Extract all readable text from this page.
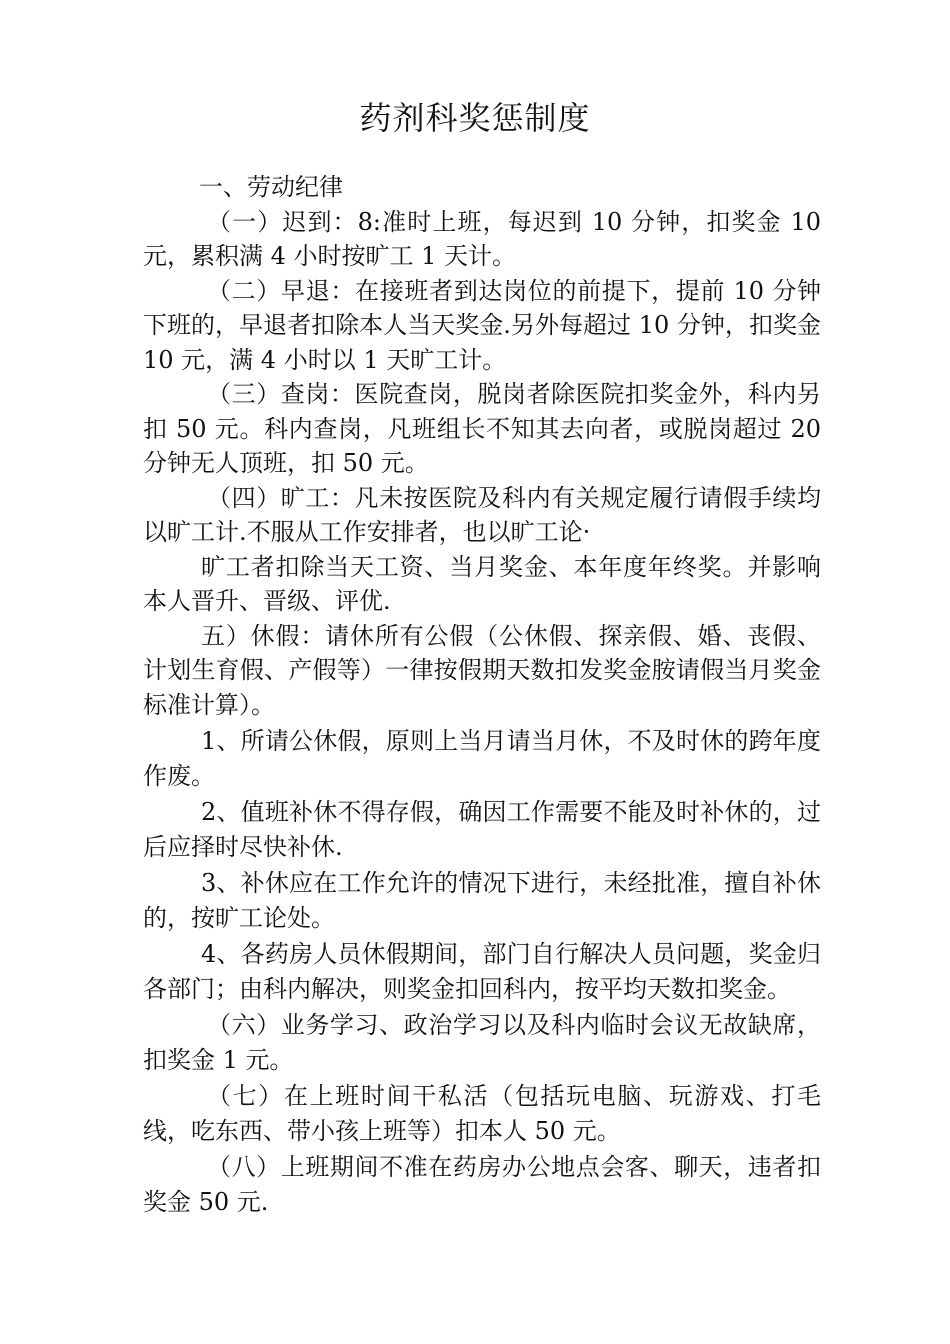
药剂科奖惩制度

一、劳动纪律

（一）迟到：8:准时上班，每迟到 10 分钟，扣奖金 10 元，累积满 4 小时按旷工 1 天计。

（二）早退：在接班者到达岗位的前提下，提前 10 分钟下班的，早退者扣除本人当天奖金.另外每超过 10 分钟，扣奖金 10 元，满 4 小时以 1 天旷工计。

（三）查岗：医院查岗，脱岗者除医院扣奖金外，科内另扣 50 元。科内查岗，凡班组长不知其去向者，或脱岗超过 20 分钟无人顶班，扣 50 元。

（四）旷工：凡未按医院及科内有关规定履行请假手续均以旷工计.不服从工作安排者，也以旷工论·

旷工者扣除当天工资、当月奖金、本年度年终奖。并影响本人晋升、晋级、评优.

五）休假：请休所有公假（公休假、探亲假、婚、丧假、计划生育假、产假等）一律按假期天数扣发奖金胺请假当月奖金标准计算）。

1、所请公休假，原则上当月请当月休，不及时休的跨年度作废。

2、值班补休不得存假，确因工作需要不能及时补休的，过后应择时尽快补休.

3、补休应在工作允许的情况下进行，未经批准，擅自补休的，按旷工论处。

4、各药房人员休假期间，部门自行解决人员问题，奖金归各部门；由科内解决，则奖金扣回科内，按平均天数扣奖金。

（六）业务学习、政治学习以及科内临时会议无故缺席，扣奖金 1 元。

（七）在上班时间干私活（包括玩电脑、玩游戏、打毛线，吃东西、带小孩上班等）扣本人 50 元。

（八）上班期间不准在药房办公地点会客、聊天，违者扣奖金 50 元.
